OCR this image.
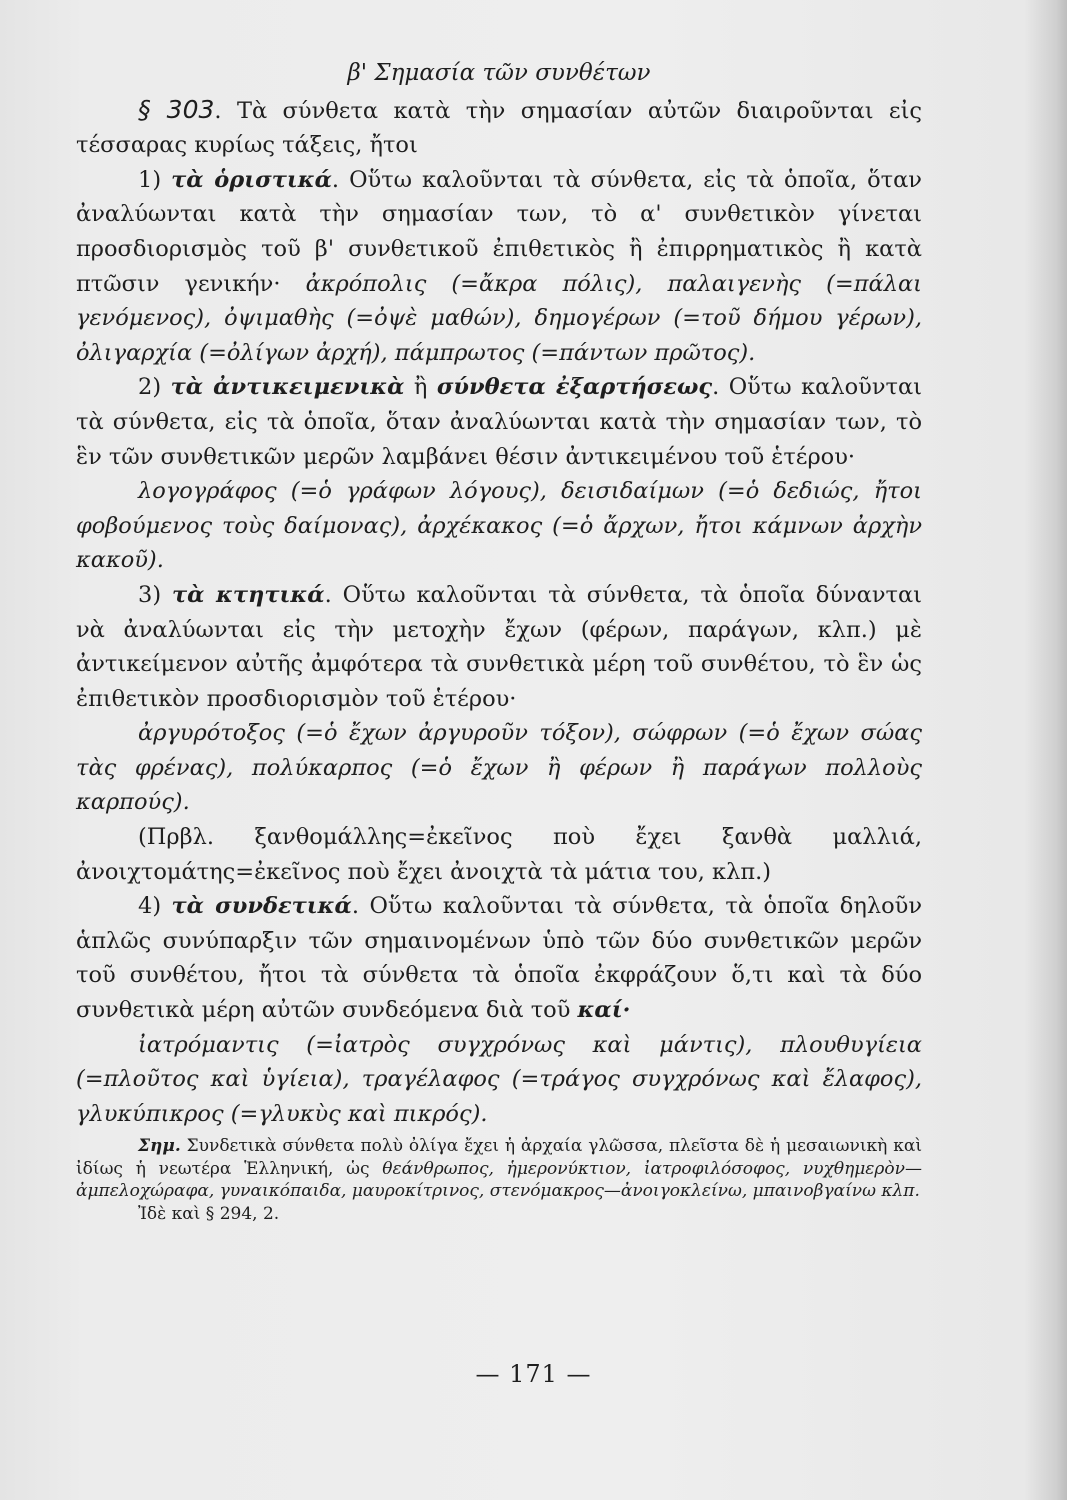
β' Σημασία τῶν συνθέτων

§ 303. Τὰ σύνθετα κατὰ τὴν σημασίαν αὐτῶν διαιροῦνται εἰς τέσσαρας κυρίως τάξεις, ἤτοι

1) τὰ ὁριστικά. Οὕτω καλοῦνται τὰ σύνθετα, εἰς τὰ ὁποῖα, ὅταν ἀναλύωνται κατὰ τὴν σημασίαν των, τὸ α' συνθετικὸν γίνεται προσδιορισμὸς τοῦ β' συνθετικοῦ ἐπιθετικὸς ἢ ἐπιρρηματικὸς ἢ κατὰ πτῶσιν γενικήν· ἀκρόπολις (=ἄκρα πόλις), παλαιγενὴς (=πάλαι γενόμενος), ὀψιμαθὴς (=ὀψὲ μαθών), δημογέρων (=τοῦ δήμου γέρων), ὀλιγαρχία (=ὀλίγων ἀρχή), πάμπρωτος (=πάντων πρῶτος).

2) τὰ ἀντικειμενικὰ ἢ σύνθετα ἐξαρτήσεως. Οὕτω καλοῦνται τὰ σύνθετα, εἰς τὰ ὁποῖα, ὅταν ἀναλύωνται κατὰ τὴν σημασίαν των, τὸ ἓν τῶν συνθετικῶν μερῶν λαμβάνει θέσιν ἀντικειμένου τοῦ ἑτέρου·

λογογράφος (=ὁ γράφων λόγους), δεισιδαίμων (=ὁ δεδιώς, ἤτοι φοβούμενος τοὺς δαίμονας), ἀρχέκακος (=ὁ ἄρχων, ἤτοι κάμνων ἀρχὴν κακοῦ).

3) τὰ κτητικά. Οὕτω καλοῦνται τὰ σύνθετα, τὰ ὁποῖα δύνανται νὰ ἀναλύωνται εἰς τὴν μετοχὴν ἔχων (φέρων, παράγων, κλπ.) μὲ ἀντικείμενον αὐτῆς ἀμφότερα τὰ συνθετικὰ μέρη τοῦ συνθέτου, τὸ ἓν ὡς ἐπιθετικὸν προσδιορισμὸν τοῦ ἑτέρου·

ἀργυρότοξος (=ὁ ἔχων ἀργυροῦν τόξον), σώφρων (=ὁ ἔχων σώας τὰς φρένας), πολύκαρπος (=ὁ ἔχων ἢ φέρων ἢ παράγων πολλοὺς καρπούς).

(Πρβλ. ξανθομάλλης=ἐκεῖνος ποὺ ἔχει ξανθὰ μαλλιά, ἀνοιχτομάτης=ἐκεῖνος ποὺ ἔχει ἀνοιχτὰ τὰ μάτια του, κλπ.)

4) τὰ συνδετικά. Οὕτω καλοῦνται τὰ σύνθετα, τὰ ὁποῖα δηλοῦν ἁπλῶς συνύπαρξιν τῶν σημαινομένων ὑπὸ τῶν δύο συνθετικῶν μερῶν τοῦ συνθέτου, ἤτοι τὰ σύνθετα τὰ ὁποῖα ἐκφράζουν ὅ,τι καὶ τὰ δύο συνθετικὰ μέρη αὐτῶν συνδεόμενα διὰ τοῦ καί·

ἰατρόμαντις (=ἰατρὸς συγχρόνως καὶ μάντις), πλουθυγίεια (=πλοῦτος καὶ ὑγίεια), τραγέλαφος (=τράγος συγχρόνως καὶ ἔλαφος), γλυκύπικρος (=γλυκὺς καὶ πικρός).

Σημ. Συνδετικὰ σύνθετα πολὺ ὀλίγα ἔχει ἡ ἀρχαία γλῶσσα, πλεῖστα δὲ ἡ μεσαιωνικὴ καὶ ἰδίως ἡ νεωτέρα Ἑλληνική, ὡς θεάνθρωπος, ἡμερονύκτιον, ἰατροφιλόσοφος, νυχθημερὸν—ἀμπελοχώραφα, γυναικόπαιδα, μαυροκίτρινος, στενόμακρος—ἀνοιγοκλείνω, μπαινοβγαίνω κλπ.

Ἰδὲ καὶ § 294, 2.

— 171 —
